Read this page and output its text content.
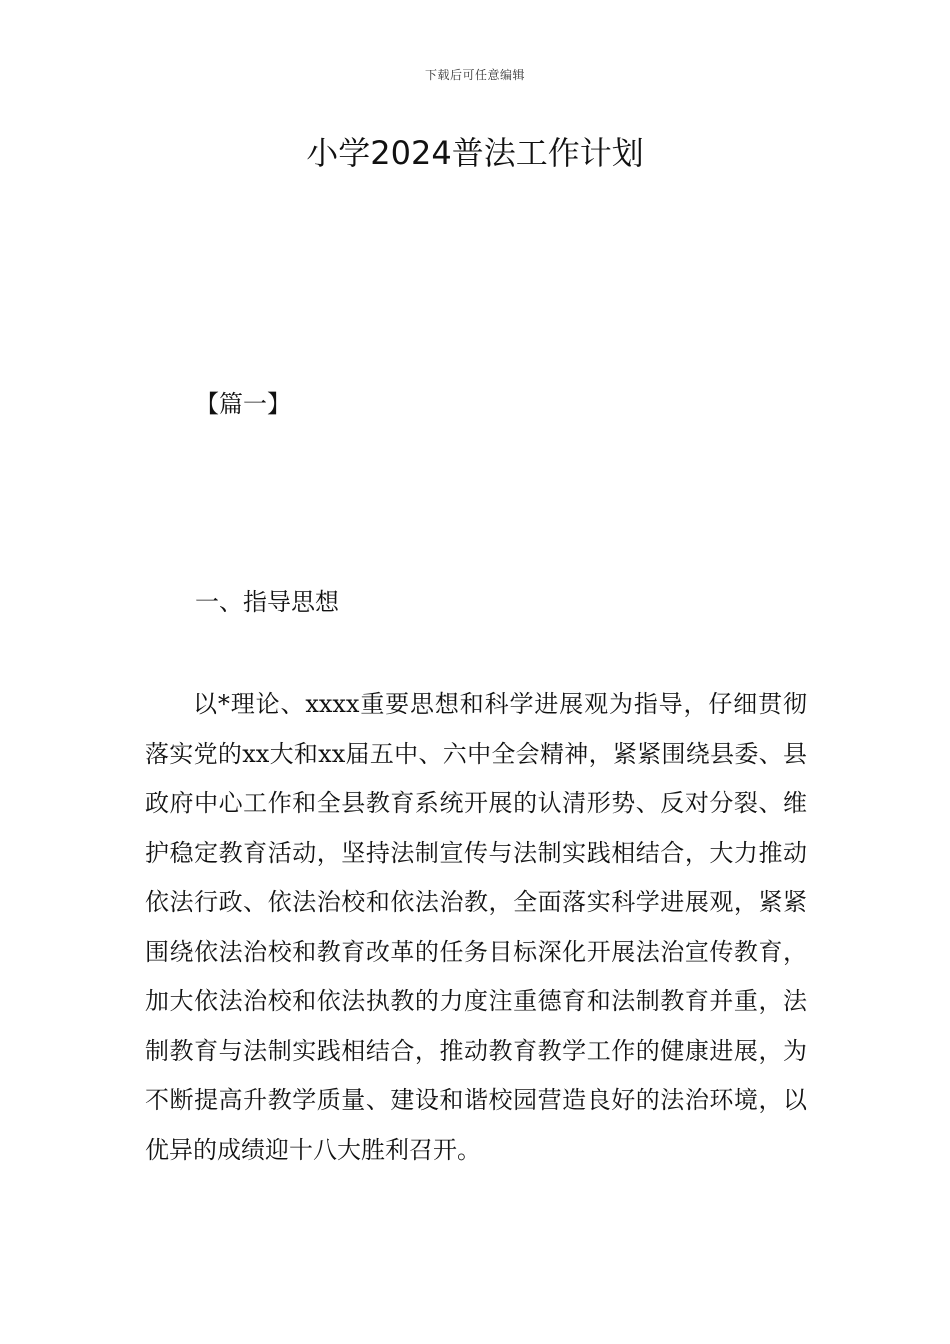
下载后可任意编辑
小学2024普法工作计划

【篇一】

一、指导思想

以*理论、xxxx重要思想和科学进展观为指导，仔细贯彻落实党的xx大和xx届五中、六中全会精神，紧紧围绕县委、县政府中心工作和全县教育系统开展的认清形势、反对分裂、维护稳定教育活动，坚持法制宣传与法制实践相结合，大力推动依法行政、依法治校和依法治教，全面落实科学进展观，紧紧围绕依法治校和教育改革的任务目标深化开展法治宣传教育，加大依法治校和依法执教的力度注重德育和法制教育并重，法制教育与法制实践相结合，推动教育教学工作的健康进展，为不断提高升教学质量、建设和谐校园营造良好的法治环境，以优异的成绩迎十八大胜利召开。
